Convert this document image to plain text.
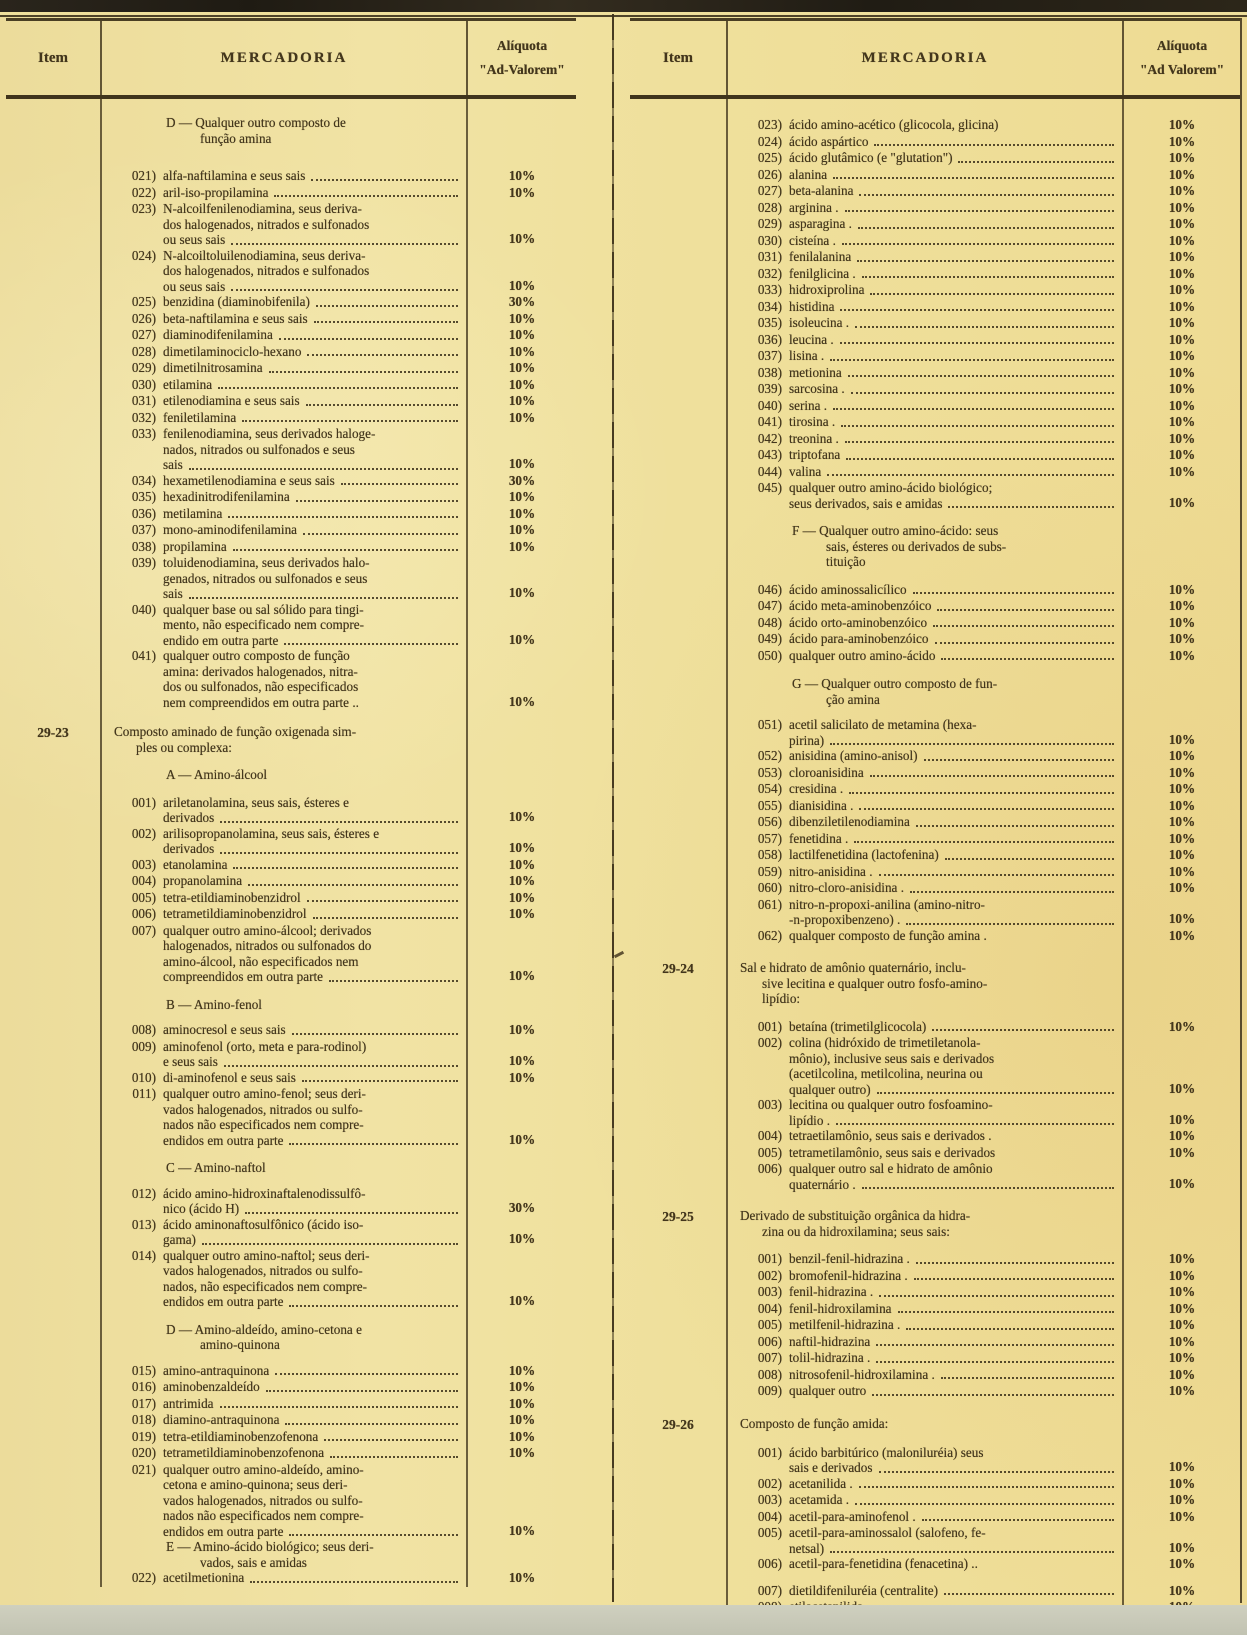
Item	MERCADORIA
Alíquota
"Ad-Valorem"
D — Qualquer outro composto de
função amina
021) alfa-naftilamina e seus sais	10%
022) aril-iso-propilamina	10%
023) N-alcoilfenilenodiamina, seus deriva-
dos halogenados, nitrados e sulfonados
ou seus sais	10%
024) N-alcoiltoluilenodiamina, seus deriva-
dos halogenados, nitrados e sulfonados
ou seus sais	10%
025) benzidina (diaminobifenila)	30%
026) beta-naftilamina e seus sais	10%
027) diaminodifenilamina	10%
028) dimetilaminociclo-hexano	10%
029) dimetilnitrosamina	10%
030) etilamina	10%
031) etilenodiamina e seus sais	10%
032) feniletilamina	10%
033) fenilenodiamina, seus derivados haloge-
nados, nitrados ou sulfonados e seus
sais	10%
034) hexametilenodiamina e seus sais	30%
035) hexadinitrodifenilamina	10%
036) metilamina	10%
037) mono-aminodifenilamina	10%
038) propilamina	10%
039) toluidenodiamina, seus derivados halo-
genados, nitrados ou sulfonados e seus
sais	10%
040) qualquer base ou sal sólido para tingi-
mento, não especificado nem compre-
endido em outra parte	10%
041) qualquer outro composto de função
amina: derivados halogenados, nitra-
dos ou sulfonados, não especificados
nem compreendidos em outra parte ..	10%
29-23	Composto aminado de função oxigenada sim-
ples ou complexa:
A — Amino-álcool
001) ariletanolamina, seus sais, ésteres e
derivados	10%
002) arilisopropanolamina, seus sais, ésteres e
derivados	10%
003) etanolamina	10%
004) propanolamina	10%
005) tetra-etildiaminobenzidrol	10%
006) tetrametildiaminobenzidrol	10%
007) qualquer outro amino-álcool; derivados
halogenados, nitrados ou sulfonados do
amino-álcool, não especificados nem
compreendidos em outra parte	10%
B — Amino-fenol
008) aminocresol e seus sais	10%
009) aminofenol (orto, meta e para-rodinol)
e seus sais	10%
010) di-aminofenol e seus sais	10%
011) qualquer outro amino-fenol; seus deri-
vados halogenados, nitrados ou sulfo-
nados não especificados nem compre-
endidos em outra parte	10%
C — Amino-naftol
012) ácido amino-hidroxinaftalenodissulfô-
nico (ácido H)	30%
013) ácido aminonaftosulfônico (ácido iso-
gama)	10%
014) qualquer outro amino-naftol; seus deri-
vados halogenados, nitrados ou sulfo-
nados, não especificados nem compre-
endidos em outra parte	10%
D — Amino-aldeído, amino-cetona e
amino-quinona
015) amino-antraquinona	10%
016) aminobenzaldeído	10%
017) antrimida	10%
018) diamino-antraquinona	10%
019) tetra-etildiaminobenzofenona	10%
020) tetrametildiaminobenzofenona	10%
021) qualquer outro amino-aldeído, amino-
cetona e amino-quinona; seus deri-
vados halogenados, nitrados ou sulfo-
nados não especificados nem compre-
endidos em outra parte	10%
E — Amino-ácido biológico; seus deri-
vados, sais e amidas
022) acetilmetionina	10%
Item	MERCADORIA
Alíquota
"Ad Valorem"
023) ácido amino-acético (glicocola, glicina)	10%
024) ácido aspártico	10%
025) ácido glutâmico (e "glutation")	10%
026) alanina	10%
027) beta-alanina	10%
028) arginina .	10%
029) asparagina .	10%
030) cisteína .	10%
031) fenilalanina	10%
032) fenilglicina .	10%
033) hidroxiprolina	10%
034) histidina	10%
035) isoleucina .	10%
036) leucina .	10%
037) lisina .	10%
038) metionina	10%
039) sarcosina .	10%
040) serina .	10%
041) tirosina .	10%
042) treonina .	10%
043) triptofana	10%
044) valina	10%
045) qualquer outro amino-ácido biológico;
seus derivados, sais e amidas	10%
F — Qualquer outro amino-ácido: seus
sais, ésteres ou derivados de subs-
tituição
046) ácido aminossalicílico	10%
047) ácido meta-aminobenzóico	10%
048) ácido orto-aminobenzóico	10%
049) ácido para-aminobenzóico	10%
050) qualquer outro amino-ácido	10%
G — Qualquer outro composto de fun-
ção amina
051) acetil salicilato de metamina (hexa-
pirina)	10%
052) anisidina (amino-anisol)	10%
053) cloroanisidina	10%
054) cresidina .	10%
055) dianisidina .	10%
056) dibenziletilenodiamina	10%
057) fenetidina .	10%
058) lactilfenetidina (lactofenina)	10%
059) nitro-anisidina .	10%
060) nitro-cloro-anisidina .	10%
061) nitro-n-propoxi-anilina (amino-nitro-
-n-propoxibenzeno) .	10%
062) qualquer composto de função amina .	10%
29-24	Sal e hidrato de amônio quaternário, inclu-
sive lecitina e qualquer outro fosfo-amino-
lipídio:
001) betaína (trimetilglicocola)	10%
002) colina (hidróxido de trimetiletanola-
mônio), inclusive seus sais e derivados
(acetilcolina, metilcolina, neurina ou
qualquer outro)	10%
003) lecitina ou qualquer outro fosfoamino-
lipídio .	10%
004) tetraetilamônio, seus sais e derivados .	10%
005) tetrametilamônio, seus sais e derivados	10%
006) qualquer outro sal e hidrato de amônio
quaternário .	10%
29-25	Derivado de substituição orgânica da hidra-
zina ou da hidroxilamina; seus sais:
001) benzil-fenil-hidrazina .	10%
002) bromofenil-hidrazina .	10%
003) fenil-hidrazina .	10%
004) fenil-hidroxilamina	10%
005) metilfenil-hidrazina .	10%
006) naftil-hidrazina	10%
007) tolil-hidrazina .	10%
008) nitrosofenil-hidroxilamina .	10%
009) qualquer outro	10%
29-26	Composto de função amida:
001) ácido barbitúrico (maloniluréia) seus
sais e derivados	10%
002) acetanilida .	10%
003) acetamida .	10%
004) acetil-para-aminofenol .	10%
005) acetil-para-aminossalol (salofeno, fe-
netsal)	10%
006) acetil-para-fenetidina (fenacetina) ..	10%
007) dietildifeniluréia (centralite)	10%
